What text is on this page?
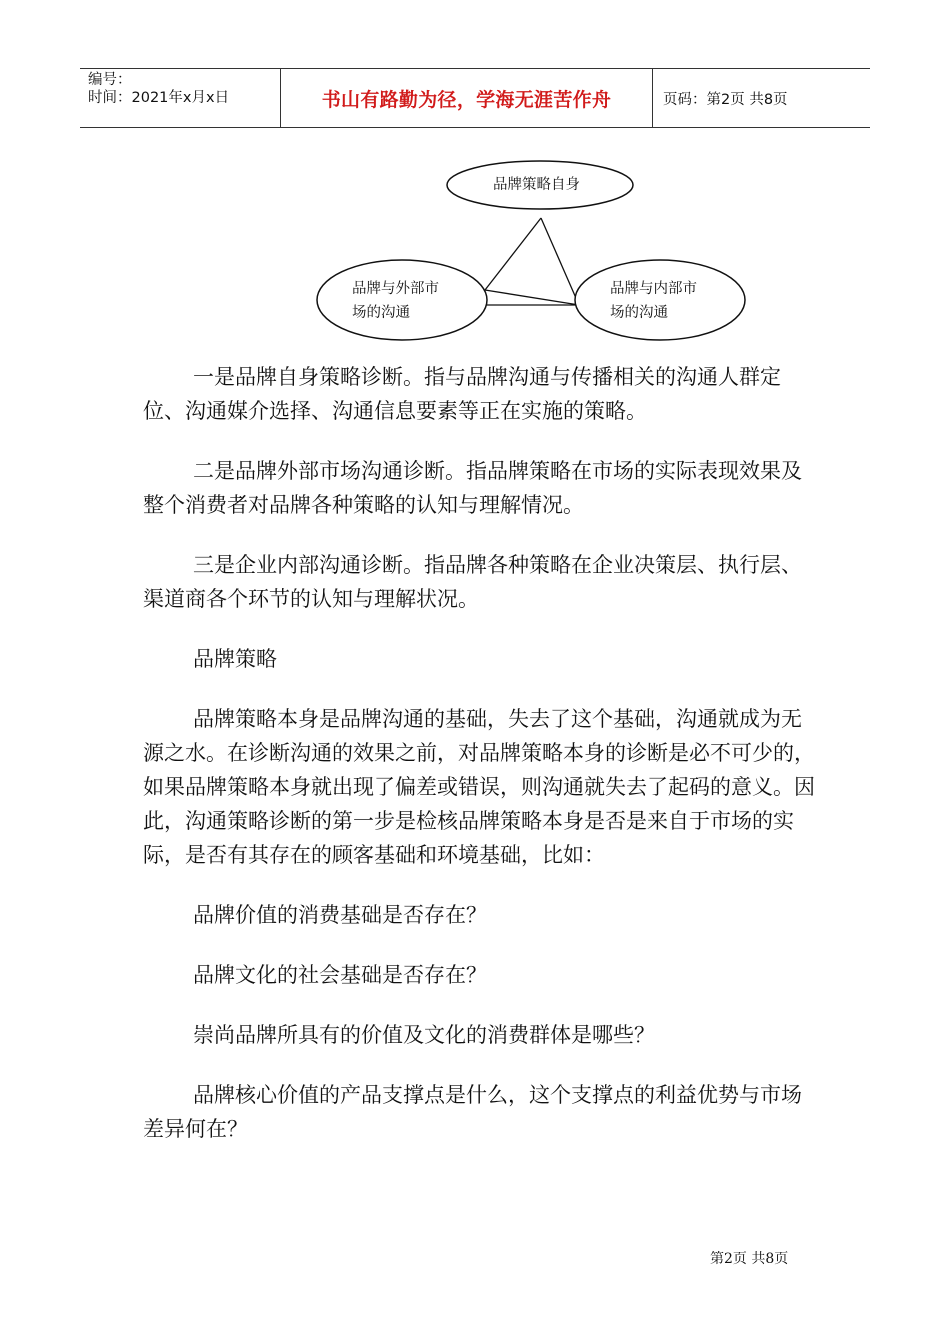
编号：
时间：2021年x月x日	书山有路勤为径，学海无涯苦作舟	页码：第2页 共8页
品牌策略自身
品牌与外部市
场的沟通
品牌与内部市
场的沟通

一是品牌自身策略诊断。指与品牌沟通与传播相关的沟通人群定位、沟通媒介选择、沟通信息要素等正在实施的策略。

二是品牌外部市场沟通诊断。指品牌策略在市场的实际表现效果及整个消费者对品牌各种策略的认知与理解情况。

三是企业内部沟通诊断。指品牌各种策略在企业决策层、执行层、渠道商各个环节的认知与理解状况。

品牌策略

品牌策略本身是品牌沟通的基础，失去了这个基础，沟通就成为无源之水。在诊断沟通的效果之前，对品牌策略本身的诊断是必不可少的，如果品牌策略本身就出现了偏差或错误，则沟通就失去了起码的意义。因此，沟通策略诊断的第一步是检核品牌策略本身是否是来自于市场的实际，是否有其存在的顾客基础和环境基础，比如：

品牌价值的消费基础是否存在？

品牌文化的社会基础是否存在？

崇尚品牌所具有的价值及文化的消费群体是哪些？

品牌核心价值的产品支撑点是什么，这个支撑点的利益优势与市场差异何在？

第2页 共8页
